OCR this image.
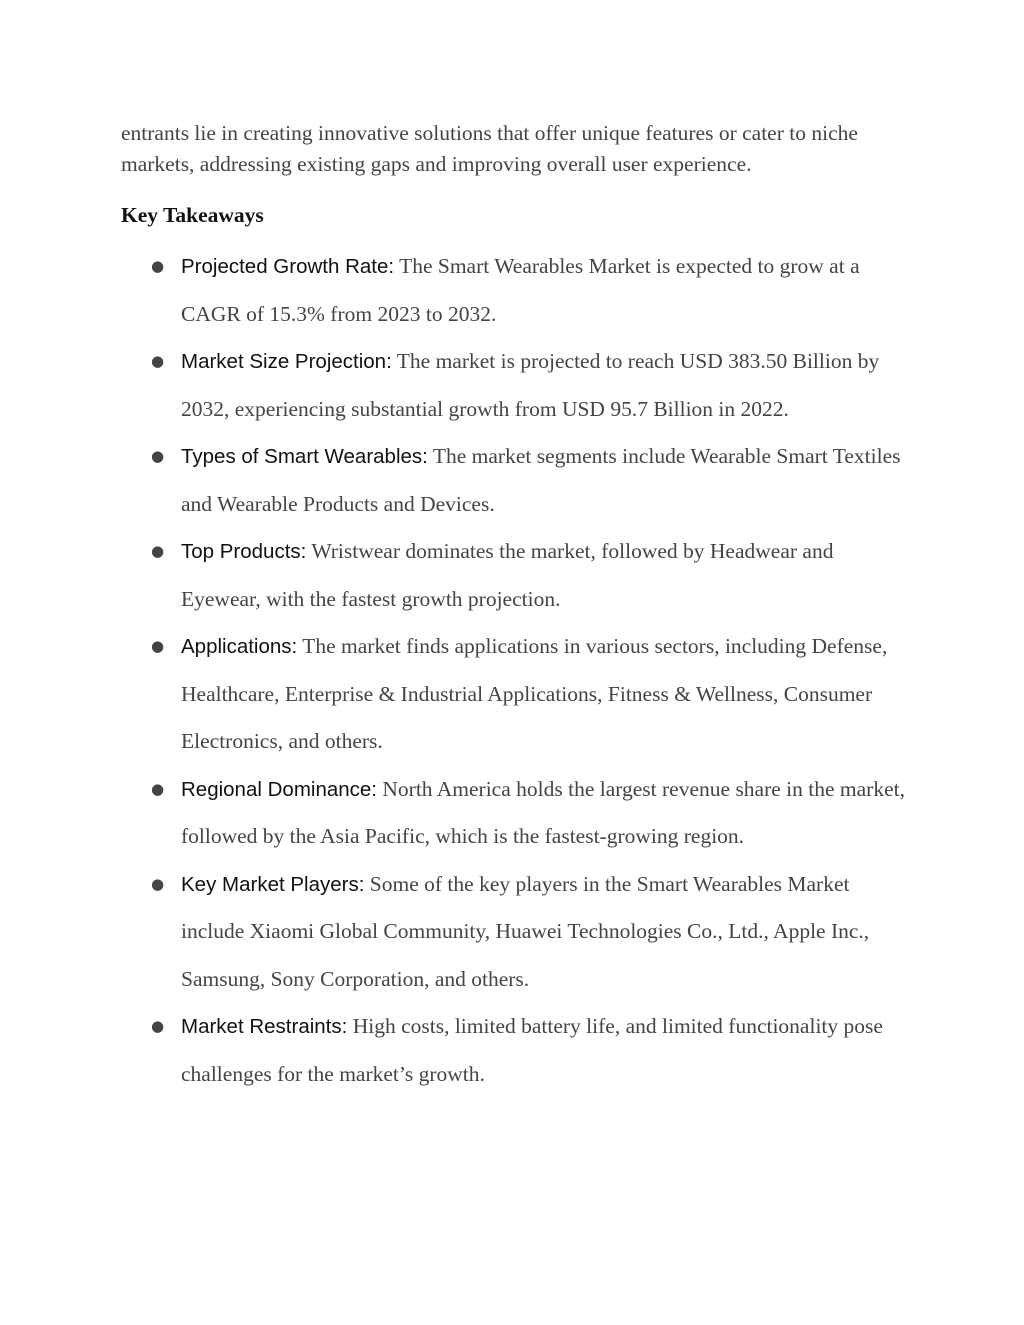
entrants lie in creating innovative solutions that offer unique features or cater to niche markets, addressing existing gaps and improving overall user experience.

Key Takeaways
● Projected Growth Rate: The Smart Wearables Market is expected to grow at a CAGR of 15.3% from 2023 to 2032.
● Market Size Projection: The market is projected to reach USD 383.50 Billion by 2032, experiencing substantial growth from USD 95.7 Billion in 2022.
● Types of Smart Wearables: The market segments include Wearable Smart Textiles and Wearable Products and Devices.
● Top Products: Wristwear dominates the market, followed by Headwear and Eyewear, with the fastest growth projection.
● Applications: The market finds applications in various sectors, including Defense, Healthcare, Enterprise & Industrial Applications, Fitness & Wellness, Consumer Electronics, and others.
● Regional Dominance: North America holds the largest revenue share in the market, followed by the Asia Pacific, which is the fastest-growing region.
● Key Market Players: Some of the key players in the Smart Wearables Market include Xiaomi Global Community, Huawei Technologies Co., Ltd., Apple Inc., Samsung, Sony Corporation, and others.
● Market Restraints: High costs, limited battery life, and limited functionality pose challenges for the market’s growth.
